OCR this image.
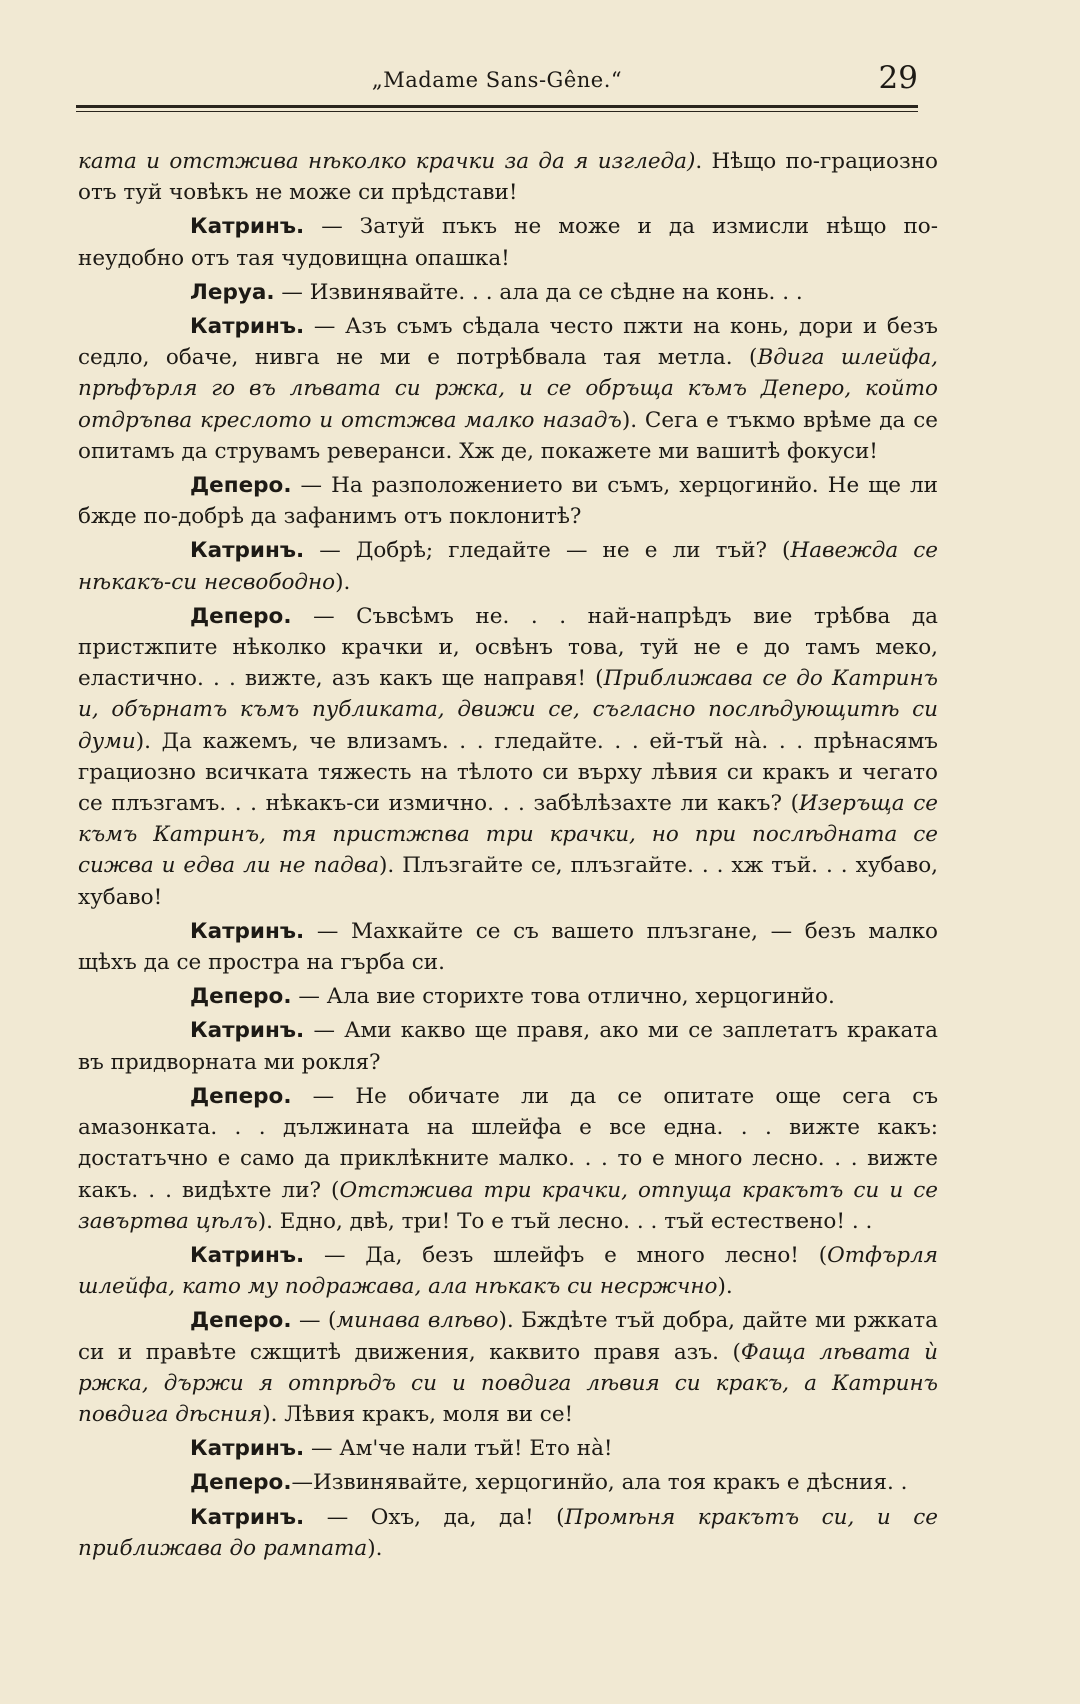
„Madame Sans-Gêne.“	29

ката и отстжива нѣколко крачки за да я изгледа). Нѣщо по-грациозно отъ туй човѣкъ не може си прѣдстави!

Катринъ. — Затуй пъкъ не може и да измисли нѣщо по-неудобно отъ тая чудовищна опашка!

Леруа. — Извинявайте. . . ала да се сѣдне на конь. . .

Катринъ. — Азъ съмъ сѣдала често пжти на конь, дори и безъ седло, обаче, нивга не ми е потрѣбвала тая метла. (Вдига шлейфа, прѣфърля го въ лѣвата си ржка, и се обръща къмъ Деперо, който отдръпва креслото и отстжва малко назадъ). Сега е тъкмо врѣме да се опитамъ да струвамъ реверанси. Хж де, покажете ми вашитѣ фокуси!

Деперо. — На разположението ви съмъ, херцогинйо. Не ще ли бжде по-добрѣ да зафанимъ отъ поклонитѣ?

Катринъ. — Добрѣ; гледайте — не е ли тъй? (Навежда се нѣкакъ-си несвободно).

Деперо. — Съвсѣмъ не. . . най-напрѣдъ вие трѣбва да пристжпите нѣколко крачки и, освѣнъ това, туй не е до тамъ меко, еластично. . . вижте, азъ какъ ще направя! (Приближава се до Катринъ и, обърнатъ къмъ публиката, движи се, съгласно послѣдующитѣ си думи). Да кажемъ, че влизамъ. . . гледайте. . . ей-тъй нà. . . прѣнасямъ грациозно всичката тяжесть на тѣлото си върху лѣвия си кракъ и чегато се плъзгамъ. . . нѣкакъ-си измично. . . забѣлѣзахте ли какъ? (Изеръща се къмъ Катринъ, тя пристжпва три крачки, но при послѣдната се сижва и едва ли не падва). Плъзгайте се, плъзгайте. . . хж тъй. . . хубаво, хубаво!

Катринъ. — Махкайте се съ вашето плъзгане, — безъ малко щѣхъ да се простра на гърба си.

Деперо. — Ала вие сторихте това отлично, херцогинйо.

Катринъ. — Ами какво ще правя, ако ми се заплетатъ краката въ придворната ми рокля?

Деперо. — Не обичате ли да се опитате още сега съ амазонката. . . дължината на шлейфа е все една. . . вижте какъ: достатъчно е само да приклѣкните малко. . . то е много лесно. . . вижте какъ. . . видѣхте ли? (Отстжива три крачки, отпуща кракътъ си и се завъртва цѣлъ). Едно, двѣ, три! То е тъй лесно. . . тъй естествено! . .

Катринъ. — Да, безъ шлейфъ е много лесно! (Отфърля шлейфа, като му подражава, ала нѣкакъ си несржчно).

Деперо. — (минава влѣво). Бждѣте тъй добра, дайте ми ржката си и правѣте сжщитѣ движения, каквито правя азъ. (Фаща лѣвата ѝ ржка, държи я отпрѣдъ си и повдига лѣвия си кракъ, а Катринъ повдига дѣсния). Лѣвия кракъ, моля ви се!

Катринъ. — Ам'че нали тъй! Ето нà!

Деперо.—Извинявайте, херцогинйо, ала тоя кракъ е дѣсния. .

Катринъ. — Охъ, да, да! (Промѣня кракътъ си, и се приближава до рампата).
